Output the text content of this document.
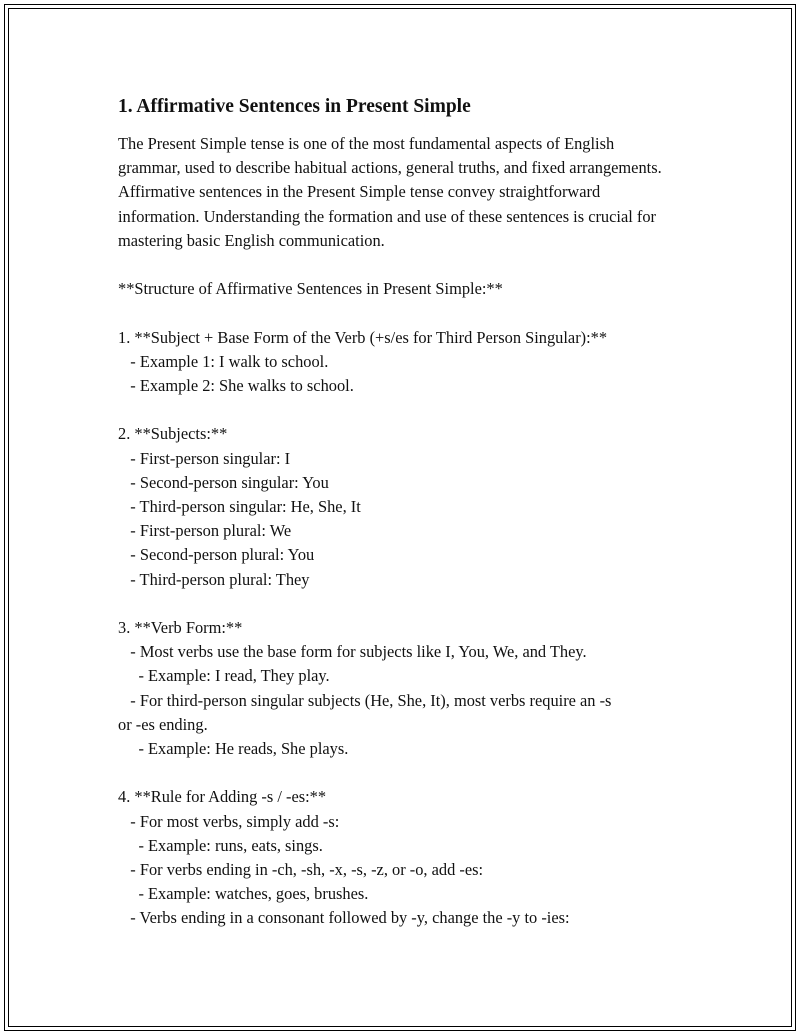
1. Affirmative Sentences in Present Simple

The Present Simple tense is one of the most fundamental aspects of English grammar, used to describe habitual actions, general truths, and fixed arrangements. Affirmative sentences in the Present Simple tense convey straightforward information. Understanding the formation and use of these sentences is crucial for mastering basic English communication.

**Structure of Affirmative Sentences in Present Simple:**
1. **Subject + Base Form of the Verb (+s/es for Third Person Singular):**
- Example 1: I walk to school.
- Example 2: She walks to school.
2. **Subjects:**
- First-person singular: I
- Second-person singular: You
- Third-person singular: He, She, It
- First-person plural: We
- Second-person plural: You
- Third-person plural: They
3. **Verb Form:**
- Most verbs use the base form for subjects like I, You, We, and They.
- Example: I read, They play.
- For third-person singular subjects (He, She, It), most verbs require an -s
or -es ending.
- Example: He reads, She plays.
4. **Rule for Adding -s / -es:**
- For most verbs, simply add -s:
- Example: runs, eats, sings.
- For verbs ending in -ch, -sh, -x, -s, -z, or -o, add -es:
- Example: watches, goes, brushes.
- Verbs ending in a consonant followed by -y, change the -y to -ies:
